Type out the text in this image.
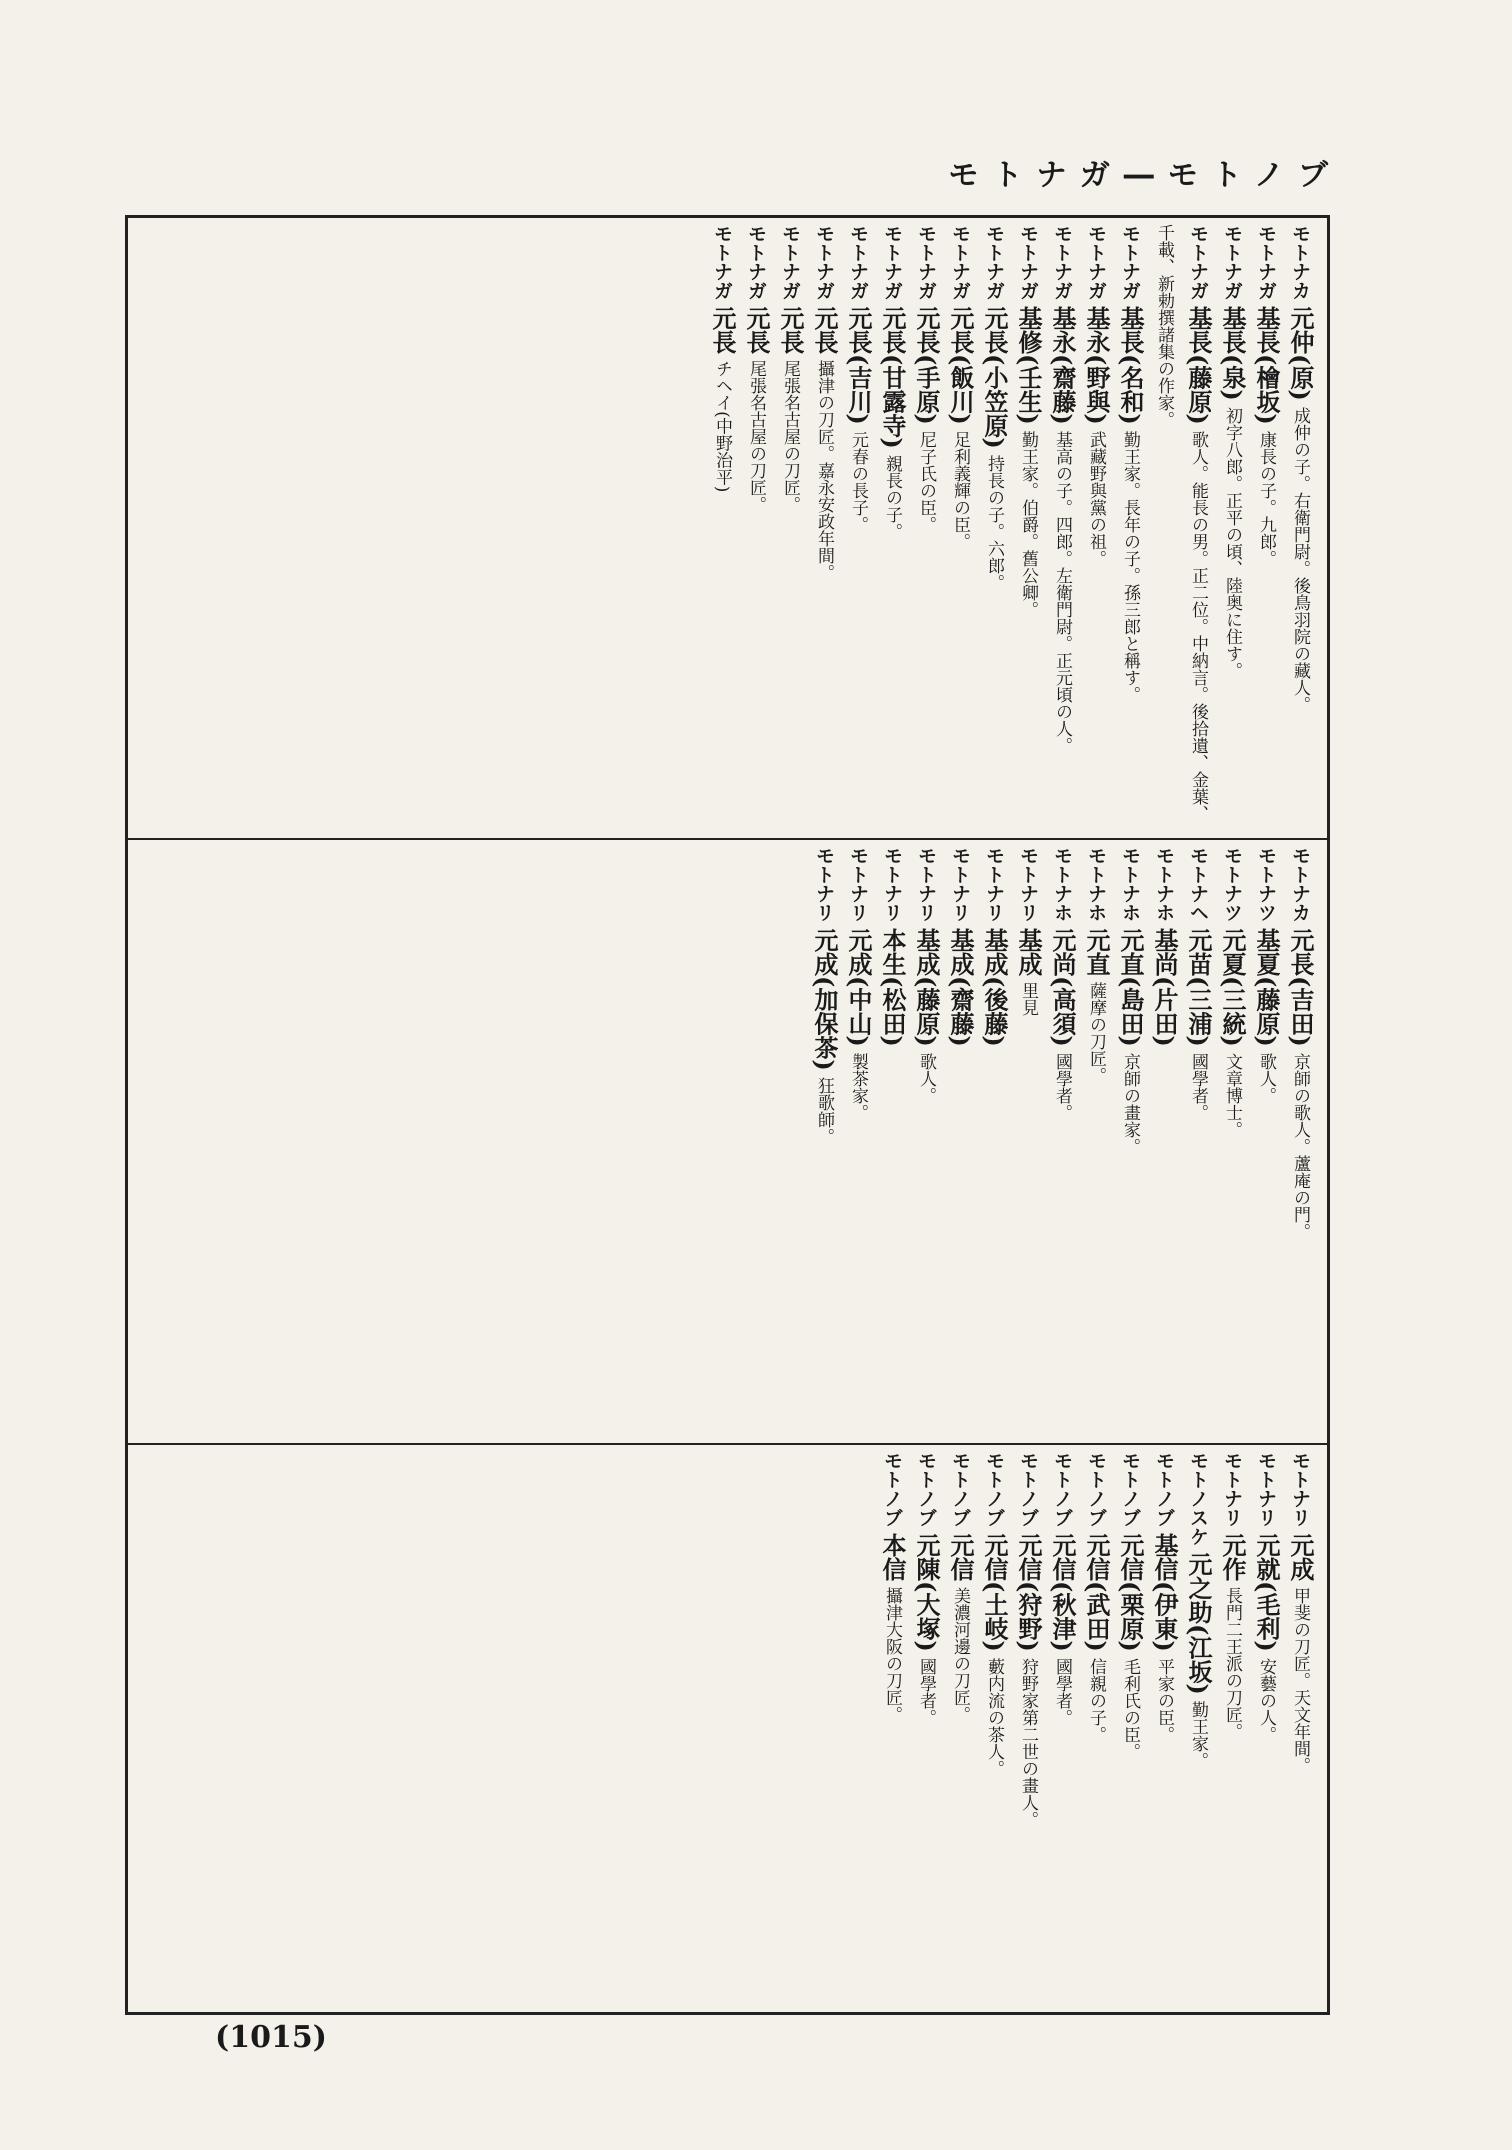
モトナガ―モトノブ
モトナカ 元仲(原) 成仲の子。右衛門尉。後鳥羽院の藏人。
モトナガ 基長(檜坂) 康長の子。九郎。
モトナガ 基長(泉) 初字八郎。正平の頃、陸奥に住す。
モトナガ 基長(藤原) 歌人。能長の男。正二位。中納言。後拾遺、金葉、千載、新勅撰諸集の作家。
モトナガ 基長(名和) 勤王家。長年の子。孫三郎と稱す。
モトナガ 基永(野與) 武藏野與黨の祖。
モトナガ 基永(齋藤) 基高の子。四郎。左衛門尉。正元頃の人。
モトナガ 基修(壬生) 勤王家。伯爵。舊公卿。
モトナガ 元長(小笠原) 持長の子。六郎。
モトナガ 元長(飯川) 足利義輝の臣。
モトナガ 元長(手原) 尼子氏の臣。
モトナガ 元長(甘露寺) 親長の子。
モトナガ 元長(吉川) 元春の長子。
モトナガ 元長 攝津の刀匠。嘉永安政年間。
モトナガ 元長 尾張名古屋の刀匠。
モトナガ 元長 尾張名古屋の刀匠。
モトナガ 元長 チヘイ(中野治平)
モトナカ 元長(吉田) 京師の歌人。蘆庵の門。
モトナツ 基夏(藤原) 歌人。
モトナツ 元夏(三統) 文章博士。
モトナヘ 元苗(三浦) 國學者。
モトナホ 基尚(片田)
モトナホ 元直(島田) 京師の畫家。
モトナホ 元直 薩摩の刀匠。
モトナホ 元尚(高須) 國學者。
モトナリ 基成 里見
モトナリ 基成(後藤)
モトナリ 基成(齋藤)
モトナリ 基成(藤原) 歌人。
モトナリ 本生(松田)
モトナリ 元成(中山) 製茶家。
モトナリ 元成(加保茶) 狂歌師。
モトナリ 元成 甲斐の刀匠。天文年間。
モトナリ 元就(毛利) 安藝の人。
モトナリ 元作 長門二王派の刀匠。
モトノスケ 元之助(江坂) 勤王家。
モトノブ 基信(伊東) 平家の臣。
モトノブ 元信(栗原) 毛利氏の臣。
モトノブ 元信(武田) 信親の子。
モトノブ 元信(秋津) 國學者。
モトノブ 元信(狩野) 狩野家第二世の畫人。
モトノブ 元信(土岐) 藪内流の茶人。
モトノブ 元信 美濃河邊の刀匠。
モトノブ 元陳(大塚) 國學者。
モトノブ 本信 攝津大阪の刀匠。
(1015)
